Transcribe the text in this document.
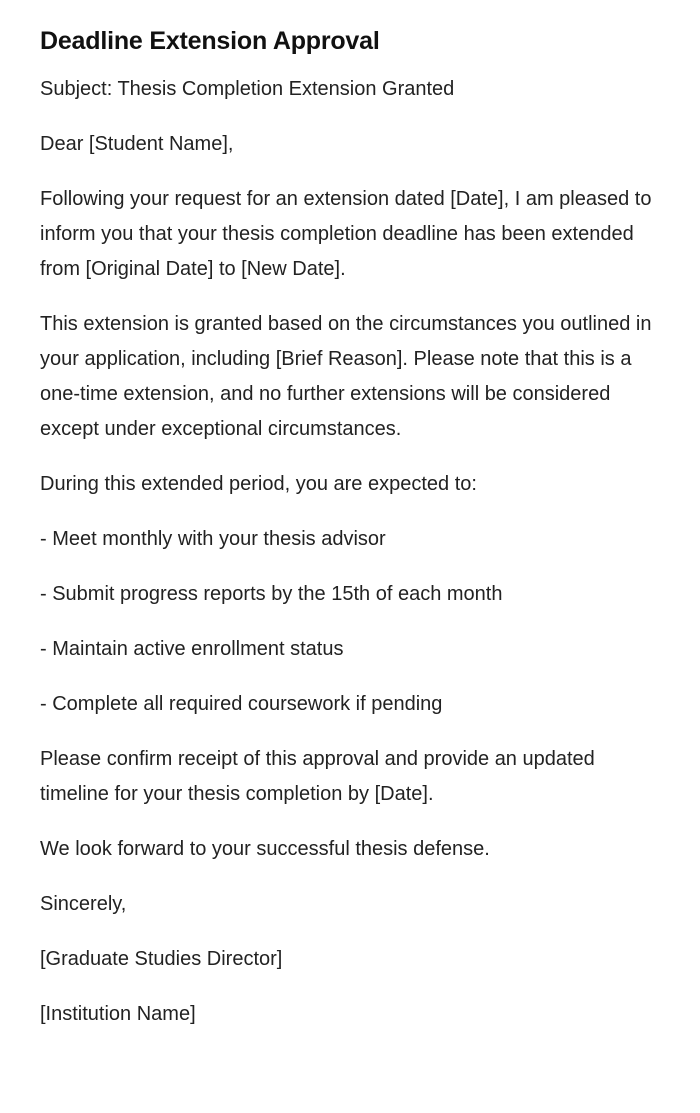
Deadline Extension Approval

Subject: Thesis Completion Extension Granted

Dear [Student Name],

Following your request for an extension dated [Date], I am pleased to inform you that your thesis completion deadline has been extended from [Original Date] to [New Date].

This extension is granted based on the circumstances you outlined in your application, including [Brief Reason]. Please note that this is a one-time extension, and no further extensions will be considered except under exceptional circumstances.

During this extended period, you are expected to:

- Meet monthly with your thesis advisor

- Submit progress reports by the 15th of each month

- Maintain active enrollment status

- Complete all required coursework if pending

Please confirm receipt of this approval and provide an updated timeline for your thesis completion by [Date].

We look forward to your successful thesis defense.

Sincerely,

[Graduate Studies Director]

[Institution Name]
